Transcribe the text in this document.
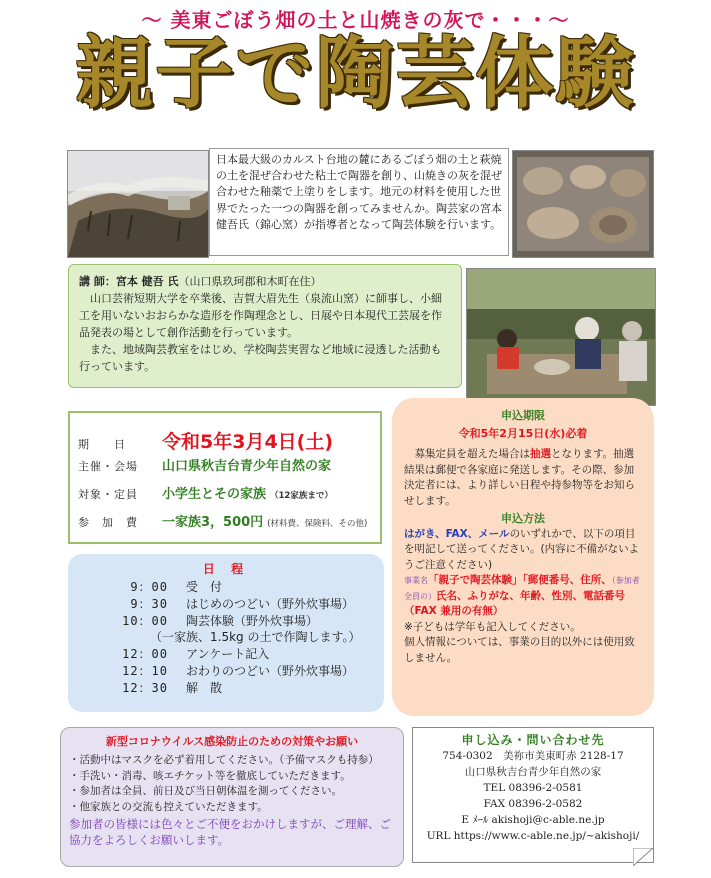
〜 美東ごぼう畑の土と山焼きの灰で・・・〜
親子で陶芸体験
日本最大級のカルスト台地の麓にあるごぼう畑の土と萩焼の土を混ぜ合わせた粘土で陶器を創り、山焼きの灰を混ぜ合わせた釉薬で上塗りをします。地元の材料を使用した世界でたった一つの陶器を創ってみませんか。陶芸家の宮本健吾氏（錦心窯）が指導者となって陶芸体験を行います。
講 師：宮本 健吾 氏（山口県玖珂郡和木町在住）
山口芸術短期大学を卒業後、吉賀大眉先生（泉流山窯）に師事し、小細工を用いないおおらかな造形を作陶理念とし、日展や日本現代工芸展を作品発表の場として創作活動を行っています。
また、地域陶芸教室をはじめ、学校陶芸実習など地域に浸透した活動も行っています。
期　　日	令和5年3月4日(土)
主催・会場	山口県秋吉台青少年自然の家
対象・定員	小学生とその家族 （12家族まで）
参　加　費	一家族3，500円 (材料費、保険料、その他)
日 程
9：00	受　付
9：30	はじめのつどい（野外炊事場）
10：00	陶芸体験（野外炊事場）
（一家族、1.5kg の土で作陶します。）
12：00	アンケート記入
12：10	おわりのつどい（野外炊事場）
12：30	解　散
申込期限
令和5年2月15日(水)必着
募集定員を超えた場合は抽選となります。抽選結果は郵便で各家庭に発送します。その際、参加決定者には、より詳しい日程や持参物等をお知らせします。
申込方法
はがき、FAX、メールのいずれかで、以下の項目を明記して送ってください。(内容に不備がないようご注意ください)
事業名「親子で陶芸体験」「郵便番号、住所、（参加者全員の）氏名、ふりがな、年齢、性別、電話番号（FAX 兼用の有無）
※子どもは学年も記入してください。
個人情報については、事業の目的以外には使用致しません。
新型コロナウイルス感染防止のための対策やお願い
・活動中はマスクを必ず着用してください。（予備マスクも持参）
・手洗い・消毒、咳エチケット等を徹底していただきます。
・参加者は全員、前日及び当日朝体温を測ってください。
・他家族との交流も控えていただきます。
参加者の皆様には色々とご不便をおかけしますが、ご理解、ご協力をよろしくお願いします。
申し込み・問い合わせ先
754-0302　美祢市美東町赤 2128-17
山口県秋吉台青少年自然の家
TEL 08396-2-0581
FAX 08396-2-0582
E ﾒｰﾙ akishoji@c-able.ne.jp
URL https://www.c-able.ne.jp/~akishoji/
